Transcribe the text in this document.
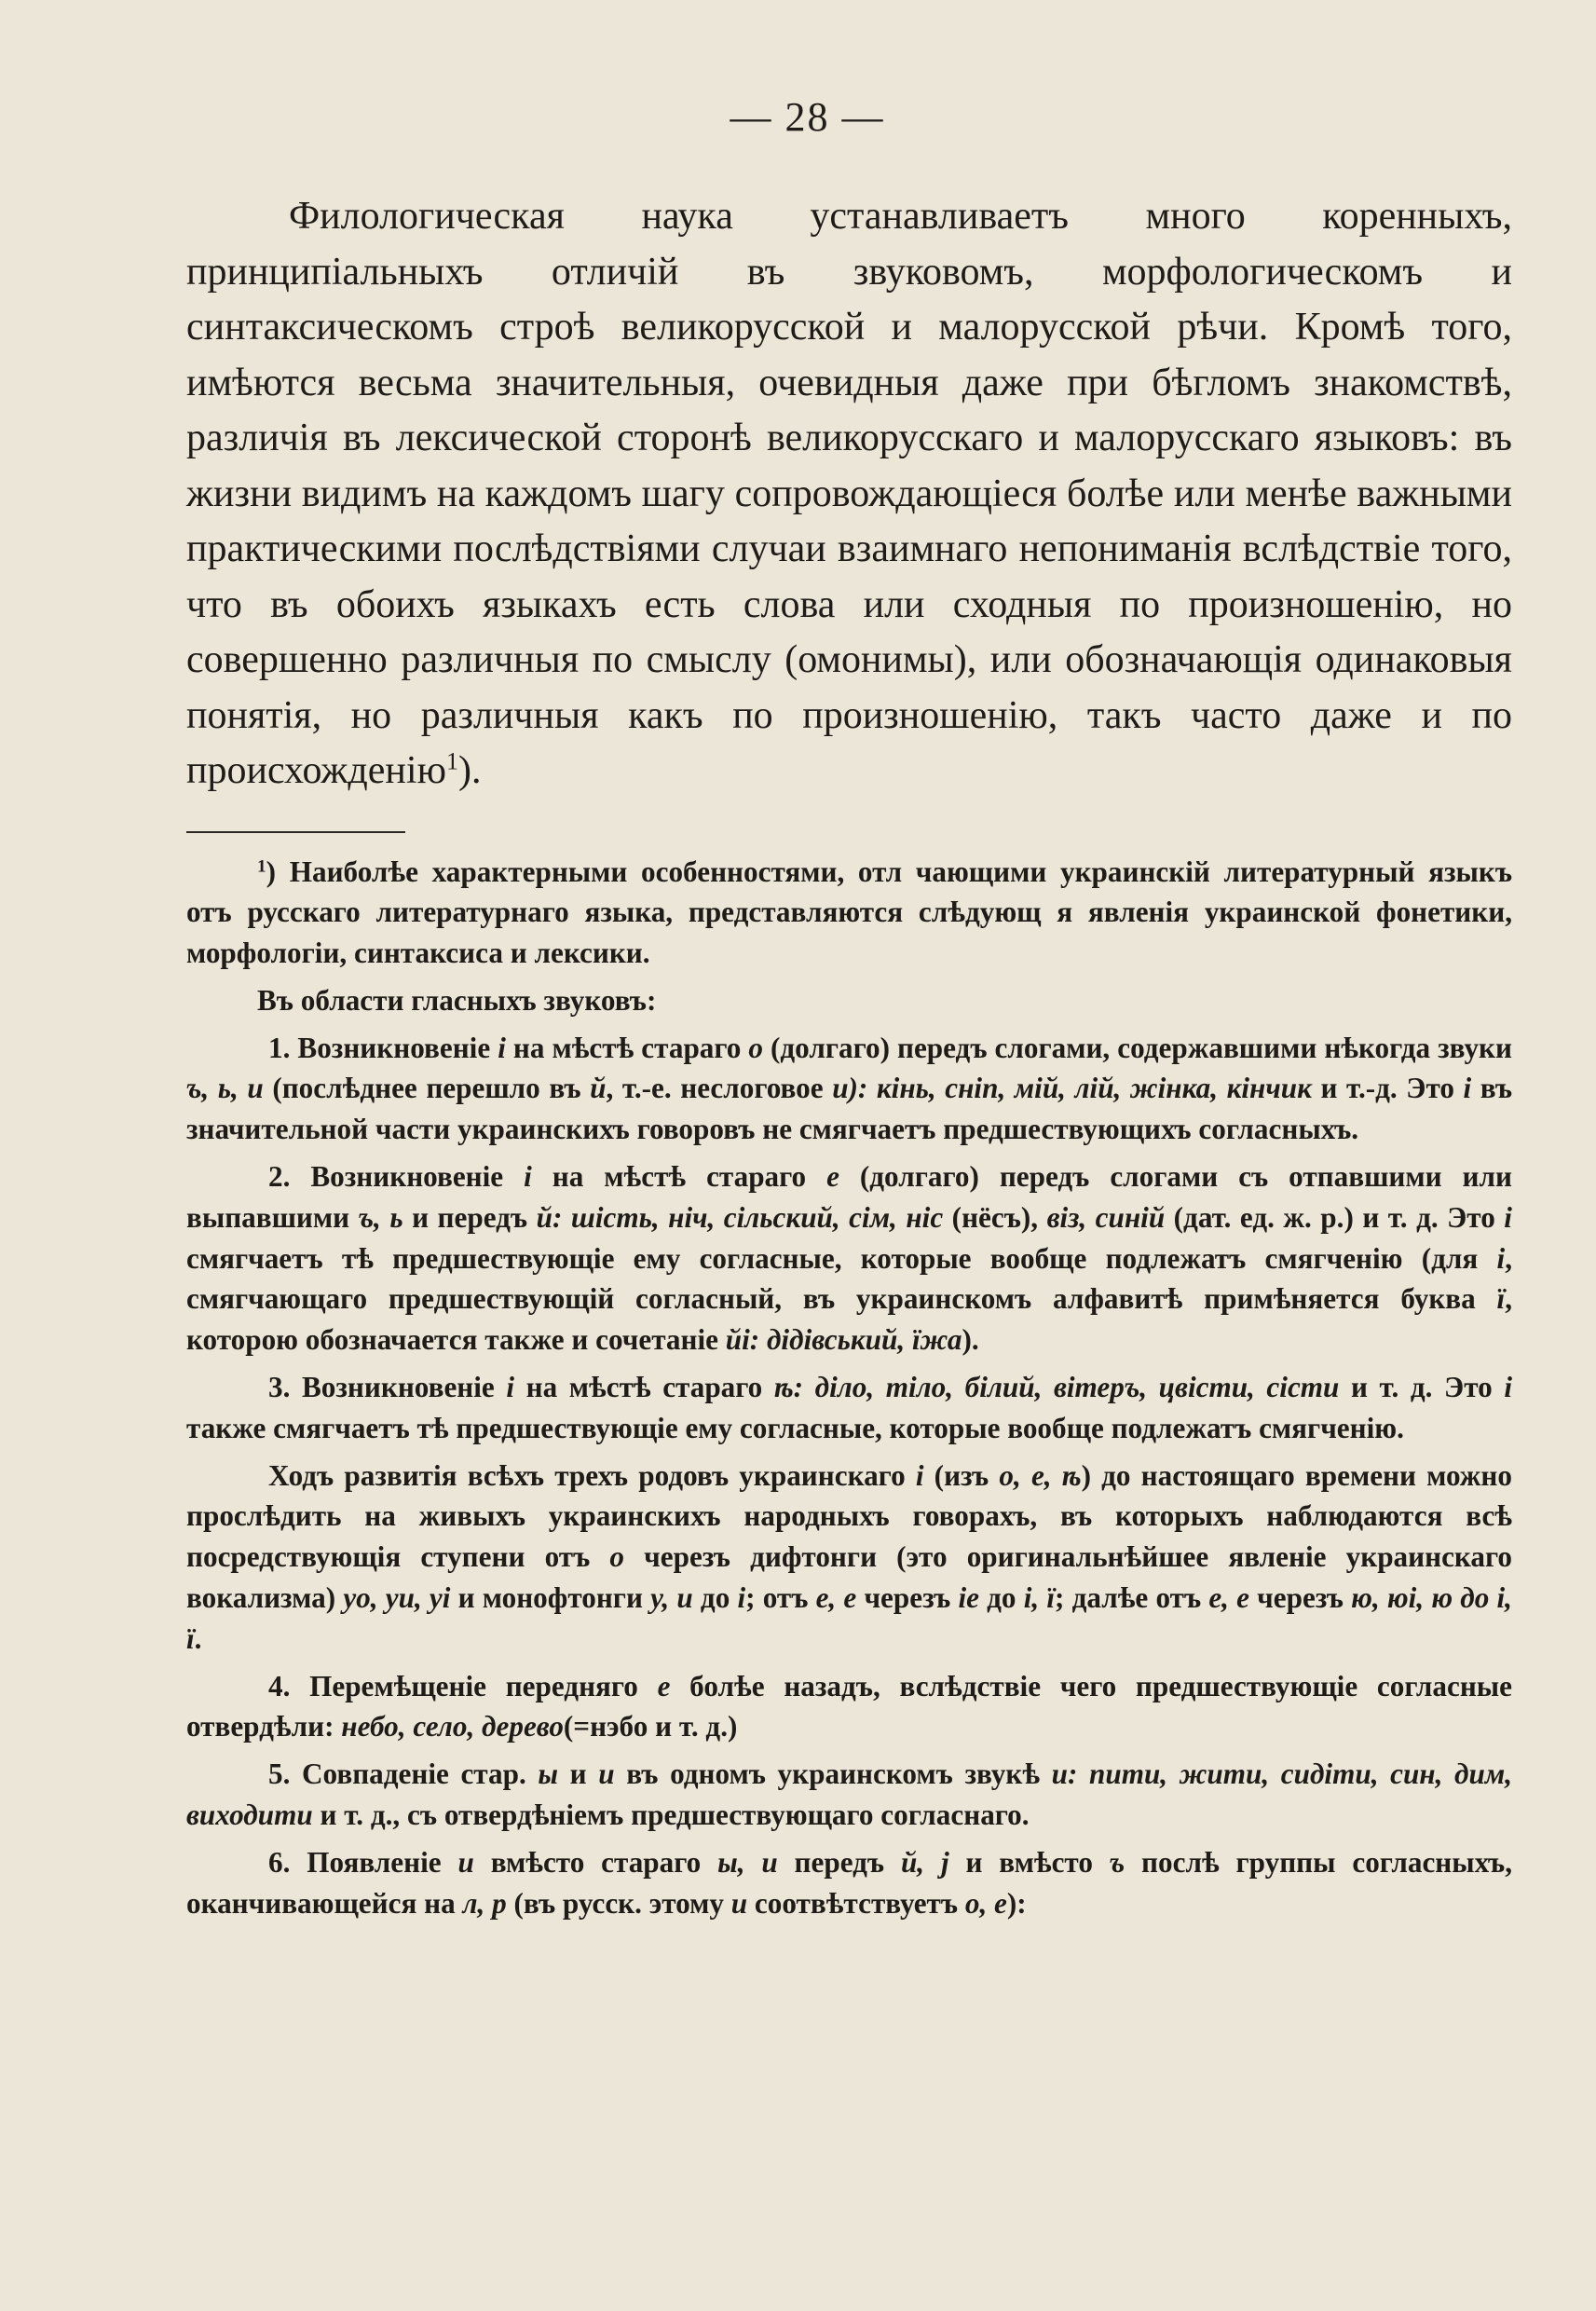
— 28 —

Филологическая наука устанавливаетъ много коренныхъ, принципіальныхъ отличій въ звуковомъ, морфологическомъ и синтаксическомъ строѣ великорусской и малорусской рѣчи. Кромѣ того, имѣются весьма значительныя, очевидныя даже при бѣгломъ знакомствѣ, различія въ лексической сторонѣ великорусскаго и малорусскаго языковъ: въ жизни видимъ на каждомъ шагу сопровождающіеся болѣе или менѣе важными практическими послѣдствіями случаи взаимнаго непониманія вслѣдствіе того, что въ обоихъ языкахъ есть слова или сходныя по произношенію, но совершенно различныя по смыслу (омонимы), или обозначающія одинаковыя понятія, но различныя какъ по произношенію, такъ часто даже и по происхожденію$^1$).

$^1$) Наиболѣе характерными особенностями, отл чающими украинскій литературный языкъ отъ русскаго литературнаго языка, представляются слѣдующ я явленія украинской фонетики, морфологіи, синтаксиса и лексики.

Въ области гласныхъ звуковъ:

1. Возникновеніе і на мѣстѣ стараго о (долгаго) передъ слогами, содержавшими нѣкогда звуки ъ, ь, и (послѣднее перешло въ й, т.-е. неслоговое и): кінь, сніп, мій, лій, жінка, кінчик и т.-д. Это і въ значительной части украинскихъ говоровъ не смягчаетъ предшествующихъ согласныхъ.

2. Возникновеніе і на мѣстѣ стараго е (долгаго) передъ слогами съ отпавшими или выпавшими ъ, ь и передъ й: шість, ніч, сільский, сім, ніс (нёсъ), віз, синій (дат. ед. ж. р.) и т. д. Это і смягчаетъ тѣ предшествующіе ему согласные, которые вообще подлежатъ смягченію (для і, смягчающаго предшествующій согласный, въ украинскомъ алфавитѣ примѣняется буква ї, которою обозначается также и сочетаніе йі: дідівський, їжа).

3. Возникновеніе і на мѣстѣ стараго ѣ: діло, тіло, білий, вітеръ, цвісти, сісти и т. д. Это і также смягчаетъ тѣ предшествующіе ему согласные, которые вообще подлежатъ смягченію.

Ходъ развитія всѣхъ трехъ родовъ украинскаго і (изъ о, е, ѣ) до настоящаго времени можно прослѣдить на живыхъ украинскихъ народныхъ говорахъ, въ которыхъ наблюдаются всѣ посредствующія ступени отъ о черезъ дифтонги (это оригинальнѣйшее явленіе украинскаго вокализма) уо, уи, уі и монофтонги у, и до і; отъ е, е черезъ іе до і, ї; далѣе отъ е, е черезъ ю, юі, ю до і, ї.

4. Перемѣщеніе передняго е болѣе назадъ, вслѣдствіе чего предшествующіе согласные отвердѣли: небо, село, дерево(=нэбо и т. д.)

5. Совпаденіе стар. ы и и въ одномъ украинскомъ звукѣ и: пити, жити, сидіти, син, дим, виходити и т. д., съ отвердѣніемъ предшествующаго согласнаго.

6. Появленіе и вмѣсто стараго ы, и передъ й, j и вмѣсто ъ послѣ группы согласныхъ, оканчивающейся на л, р (въ русск. этому и соотвѣтствуетъ о, е):
